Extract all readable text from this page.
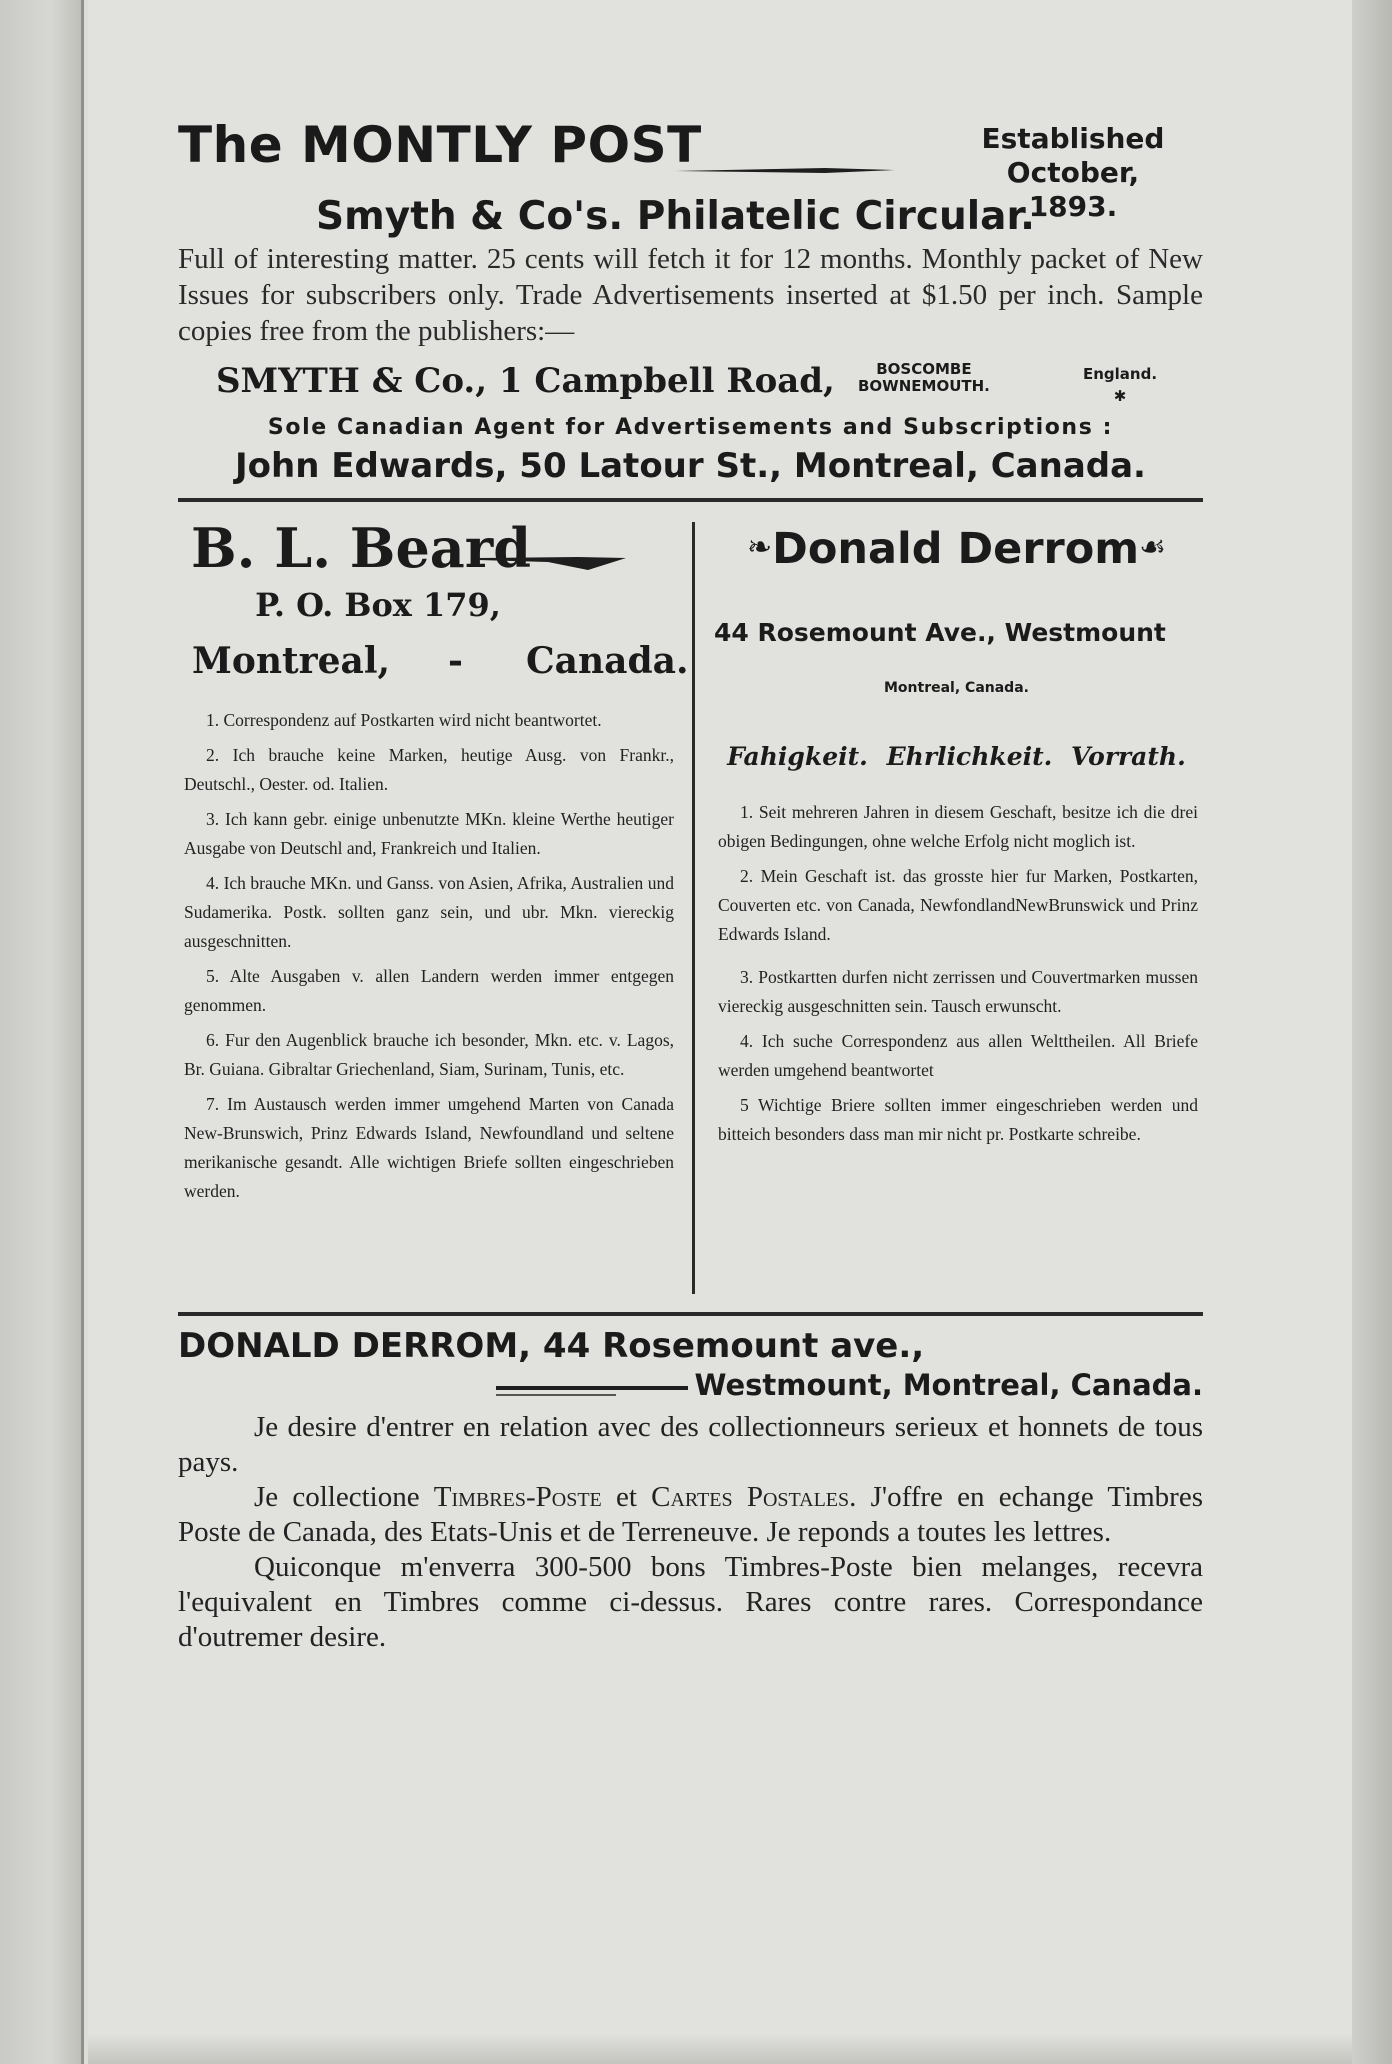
The MONTLY POST	Established
October, 1893.
Smyth & Co's. Philatelic Circular.
Full of interesting matter. 25 cents will fetch it for 12 months. Monthly packet of New Issues for subscribers only. Trade Advertisements inserted at $1.50 per inch. Sample copies free from the publishers:—
SMYTH & Co., 1 Campbell Road,	BOSCOMBE
BOWNEMOUTH.
England.
✱
Sole Canadian Agent for Advertisements and Subscriptions :
John Edwards, 50 Latour St., Montreal, Canada.
B. L. Beard
P. O. Box 179,
Montreal, - Canada.

1. Correspondenz auf Postkarten wird nicht beantwortet.

2. Ich brauche keine Marken, heutige Ausg. von Frankr., Deutschl., Oester. od. Italien.

3. Ich kann gebr. einige unbenutzte MKn. kleine Werthe heutiger Ausgabe von Deutschl and, Frankreich und Italien.

4. Ich brauche MKn. und Ganss. von Asien, Afrika, Australien und Sudamerika. Postk. sollten ganz sein, und ubr. Mkn. viereckig ausgeschnitten.

5. Alte Ausgaben v. allen Landern werden immer entgegen genommen.

6. Fur den Augenblick brauche ich besonder, Mkn. etc. v. Lagos, Br. Guiana. Gibraltar Griechenland, Siam, Surinam, Tunis, etc.

7. Im Austausch werden immer umgehend Marten von Canada New-Brunswich, Prinz Edwards Island, Newfoundland und seltene merikanische gesandt. Alle wichtigen Briefe sollten eingeschrieben werden.

❧Donald Derrom☙
44 Rosemount Ave., Westmount
Montreal, Canada.
Fahigkeit. Ehrlichkeit. Vorrath.

1. Seit mehreren Jahren in diesem Geschaft, besitze ich die drei obigen Bedingungen, ohne welche Erfolg nicht moglich ist.

2. Mein Geschaft ist. das grosste hier fur Marken, Postkarten, Couverten etc. von Canada, NewfondlandNewBrunswick und Prinz Edwards Island.

3. Postkartten durfen nicht zerrissen und Couvertmarken mussen viereckig ausgeschnitten sein. Tausch erwunscht.

4. Ich suche Correspondenz aus allen Welttheilen. All Briefe werden umgehend beantwortet

5 Wichtige Briere sollten immer eingeschrieben werden und bitteich besonders dass man mir nicht pr. Postkarte schreibe.

DONALD DERROM, 44 Rosemount ave.,
Westmount, Montreal, Canada.

Je desire d'entrer en relation avec des collectionneurs serieux et honnets de tous pays.

Je collectione Timbres-Poste et Cartes Postales. J'offre en echange Timbres Poste de Canada, des Etats-Unis et de Terreneuve. Je reponds a toutes les lettres.

Quiconque m'enverra 300-500 bons Timbres-Poste bien melanges, recevra l'equivalent en Timbres comme ci-dessus. Rares contre rares. Correspondance d'outremer desire.
